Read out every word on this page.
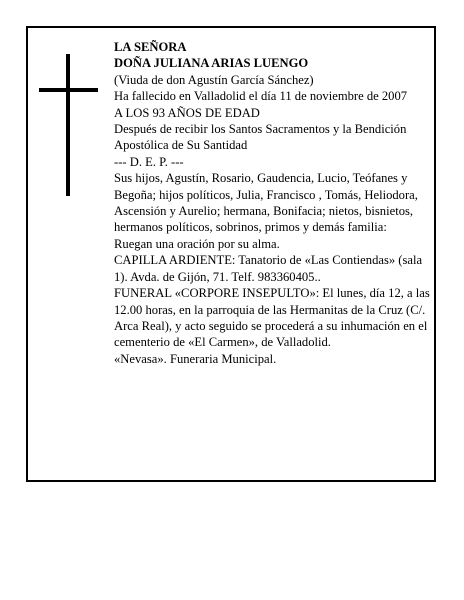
LA SEÑORA

DOÑA JULIANA ARIAS LUENGO

(Viuda de don Agustín García Sánchez)

Ha fallecido en Valladolid el día 11 de noviembre de 2007

A LOS 93 AÑOS DE EDAD

Después de recibir los Santos Sacramentos y la Bendición Apostólica de Su Santidad

--- D. E. P. ---

Sus hijos, Agustín, Rosario, Gaudencia, Lucio, Teófanes y Begoña; hijos políticos, Julia, Francisco , Tomás, Heliodora, Ascensión y Aurelio; hermana, Bonifacia; nietos, bisnietos, hermanos políticos, sobrinos, primos y demás familia:

Ruegan una oración por su alma.

CAPILLA ARDIENTE: Tanatorio de «Las Contiendas» (sala 1). Avda. de Gijón, 71. Telf. 983360405..

FUNERAL «CORPORE INSEPULTO»: El lunes, día 12, a las 12.00 horas, en la parroquia de las Hermanitas de la Cruz (C/. Arca Real), y acto seguido se procederá a su inhumación en el cementerio de «El Carmen», de Valladolid.

«Nevasa». Funeraria Municipal.
